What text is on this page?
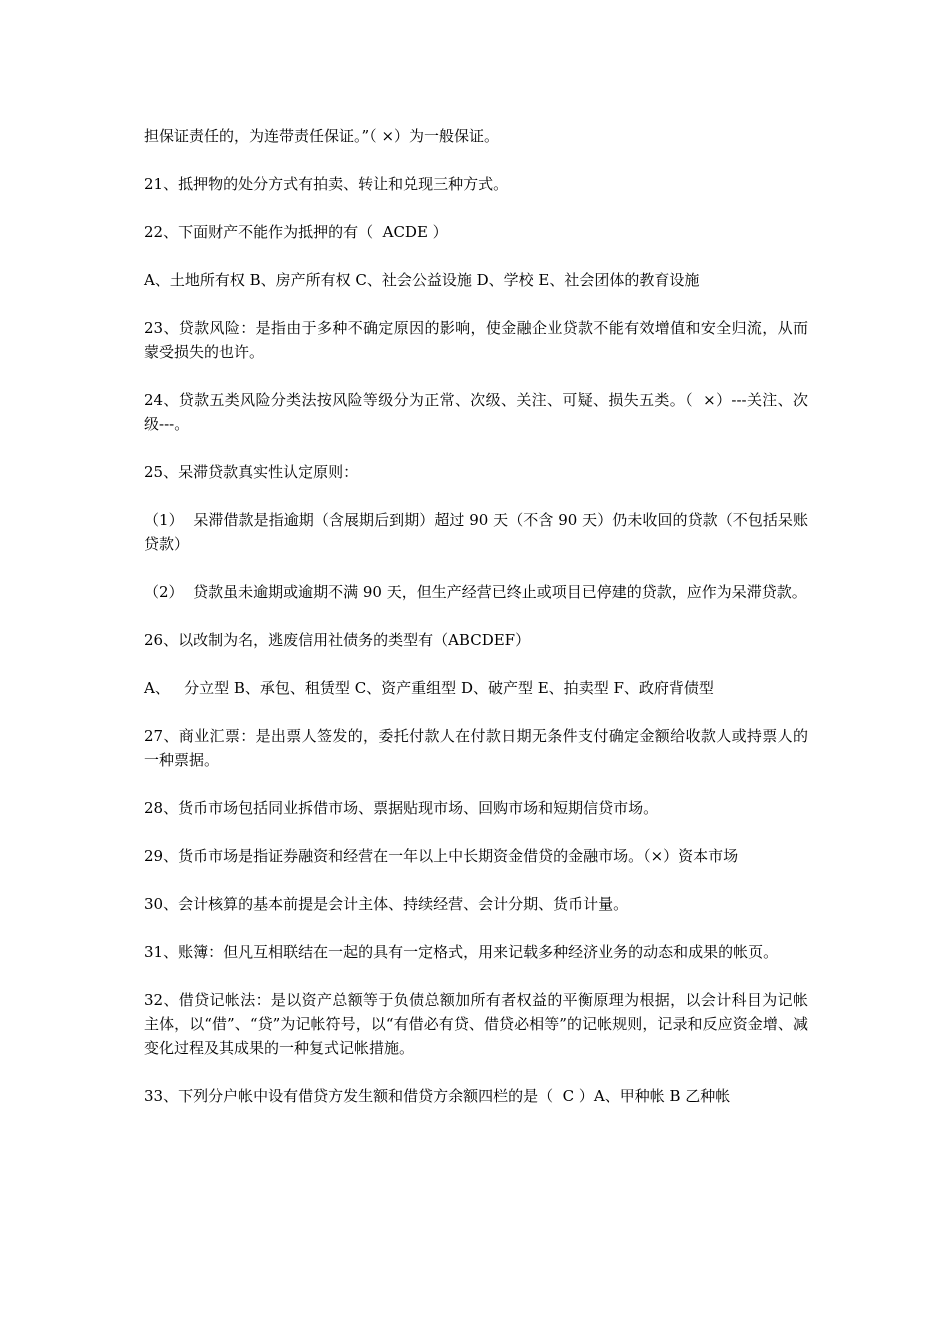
担保证责任的，为连带责任保证。”（ ×）为一般保证。

21、抵押物的处分方式有拍卖、转让和兑现三种方式。

22、下面财产不能作为抵押的有（  ACDE ）

A、土地所有权 B、房产所有权 C、社会公益设施 D、学校 E、社会团体的教育设施

23、贷款风险：是指由于多种不确定原因的影响，使金融企业贷款不能有效增值和安全归流，从而蒙受损失的也许。

24、贷款五类风险分类法按风险等级分为正常、次级、关注、可疑、损失五类。（  ×）---关注、次级---。

25、呆滞贷款真实性认定原则：

（1）  呆滞借款是指逾期（含展期后到期）超过 90 天（不含 90 天）仍未收回的贷款（不包括呆账贷款）

（2）  贷款虽未逾期或逾期不满 90 天，但生产经营已终止或项目已停建的贷款，应作为呆滞贷款。

26、以改制为名，逃废信用社债务的类型有（ABCDEF）

A、   分立型 B、承包、租赁型 C、资产重组型 D、破产型 E、拍卖型 F、政府背债型

27、商业汇票：是出票人签发的，委托付款人在付款日期无条件支付确定金额给收款人或持票人的一种票据。

28、货币市场包括同业拆借市场、票据贴现市场、回购市场和短期信贷市场。

29、货币市场是指证券融资和经营在一年以上中长期资金借贷的金融市场。（×）资本市场

30、会计核算的基本前提是会计主体、持续经营、会计分期、货币计量。

31、账簿：但凡互相联结在一起的具有一定格式，用来记载多种经济业务的动态和成果的帐页。

32、借贷记帐法：是以资产总额等于负债总额加所有者权益的平衡原理为根据，以会计科目为记帐主体，以“借”、“贷”为记帐符号，以“有借必有贷、借贷必相等”的记帐规则，记录和反应资金增、减变化过程及其成果的一种复式记帐措施。

33、下列分户帐中设有借贷方发生额和借贷方余额四栏的是（  C ）A、甲种帐 B 乙种帐
